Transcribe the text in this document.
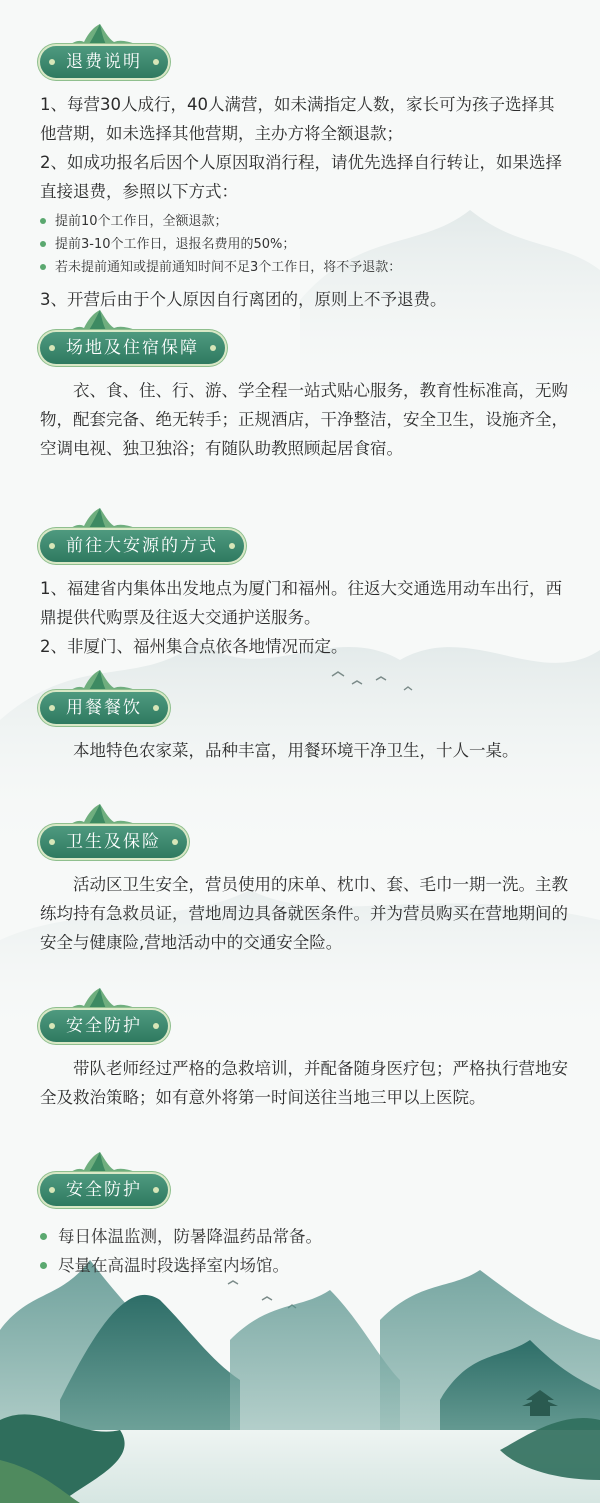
退费说明

1、每营30人成行，40人满营，如未满指定人数，家长可为孩子选择其他营期，如未选择其他营期，主办方将全额退款；

2、如成功报名后因个人原因取消行程，请优先选择自行转让，如果选择直接退费，参照以下方式：

提前10个工作日，全额退款；
提前3-10个工作日，退报名费用的50%；
若未提前通知或提前通知时间不足3个工作日，将不予退款：

3、开营后由于个人原因自行离团的，原则上不予退费。

场地及住宿保障

衣、食、住、行、游、学全程一站式贴心服务，教育性标准高，无购物，配套完备、绝无转手；正规酒店，干净整洁，安全卫生，设施齐全，空调电视、独卫独浴；有随队助教照顾起居食宿。

前往大安源的方式

1、福建省内集体出发地点为厦门和福州。往返大交通选用动车出行，西鼎提供代购票及往返大交通护送服务。

2、非厦门、福州集合点依各地情况而定。

用餐餐饮

本地特色农家菜，品种丰富，用餐环境干净卫生，十人一桌。

卫生及保险

活动区卫生安全，营员使用的床单、枕巾、套、毛巾一期一洗。主教练均持有急救员证，营地周边具备就医条件。并为营员购买在营地期间的安全与健康险,营地活动中的交通安全险。

安全防护

带队老师经过严格的急救培训，并配备随身医疗包；严格执行营地安全及救治策略；如有意外将第一时间送往当地三甲以上医院。

安全防护
每日体温监测，防暑降温药品常备。
尽量在高温时段选择室内场馆。
